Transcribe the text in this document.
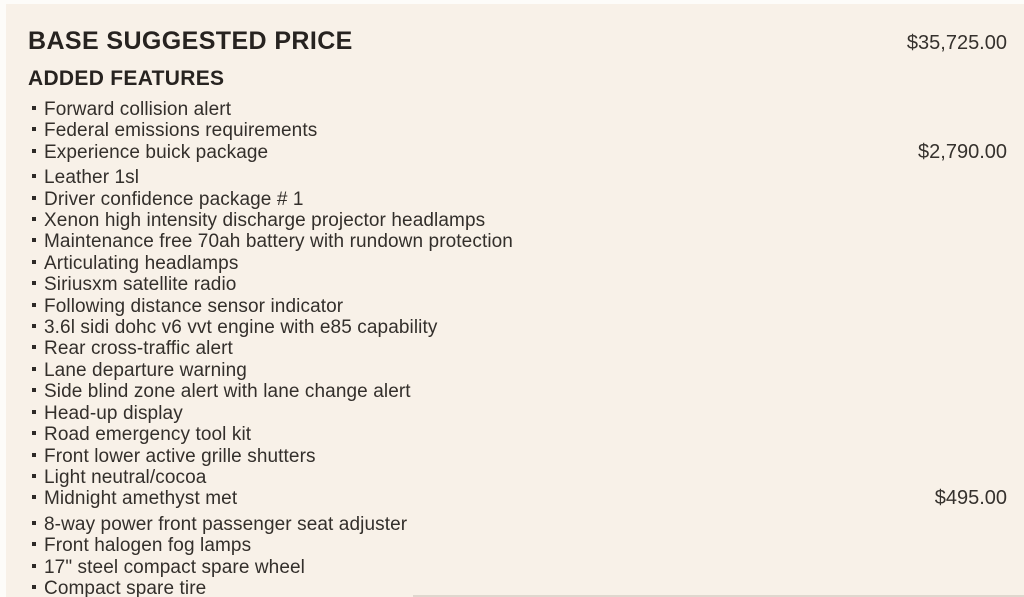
BASE SUGGESTED PRICE	$35,725.00
ADDED FEATURES
Forward collision alert
Federal emissions requirements
Experience buick package	$2,790.00
Leather 1sl
Driver confidence package # 1
Xenon high intensity discharge projector headlamps
Maintenance free 70ah battery with rundown protection
Articulating headlamps
Siriusxm satellite radio
Following distance sensor indicator
3.6l sidi dohc v6 vvt engine with e85 capability
Rear cross-traffic alert
Lane departure warning
Side blind zone alert with lane change alert
Head-up display
Road emergency tool kit
Front lower active grille shutters
Light neutral/cocoa
Midnight amethyst met	$495.00
8-way power front passenger seat adjuster
Front halogen fog lamps
17" steel compact spare wheel
Compact spare tire
